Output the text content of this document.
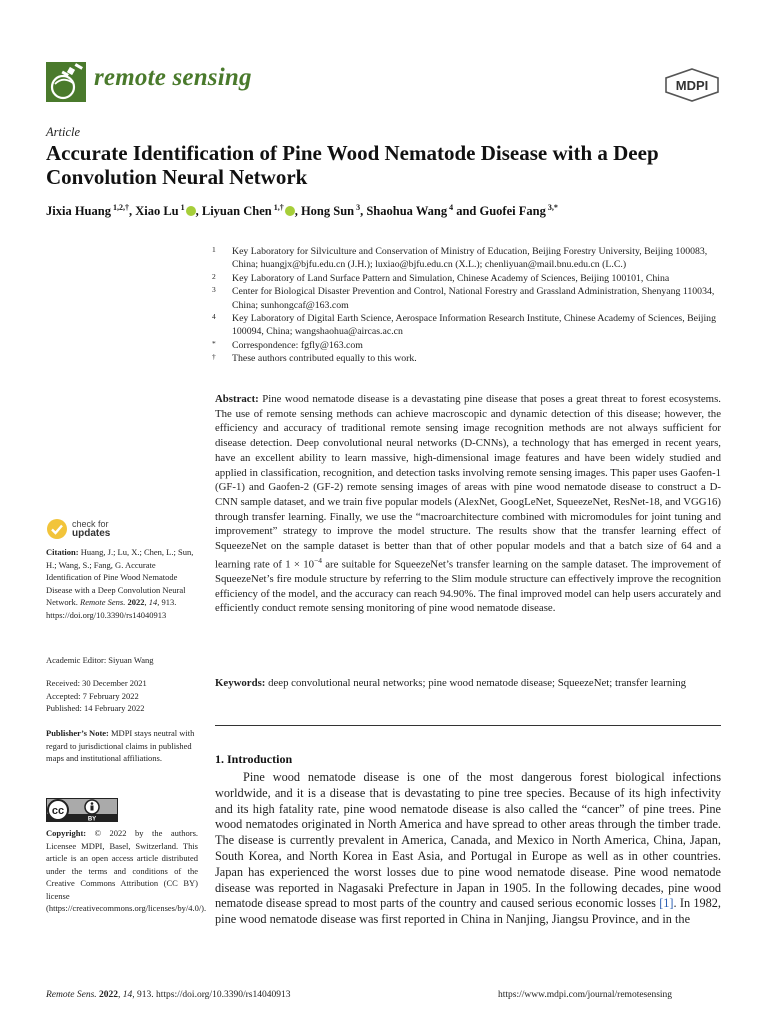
remote sensing	MDPI
Article
Accurate Identification of Pine Wood Nematode Disease with a Deep Convolution Neural Network
Jixia Huang $^{1,2,\dagger}$, Xiao Lu $^1$ , Liyuan Chen $^{1,\dagger}$ , Hong Sun $^3$, Shaohua Wang $^4$ and Guofei Fang $^{3,*}$
1 Key Laboratory for Silviculture and Conservation of Ministry of Education, Beijing Forestry University, Beijing 100083, China; huangjx@bjfu.edu.cn (J.H.); luxiao@bjfu.edu.cn (X.L.); chenliyuan@mail.bnu.edu.cn (L.C.)
2 Key Laboratory of Land Surface Pattern and Simulation, Chinese Academy of Sciences, Beijing 100101, China
3 Center for Biological Disaster Prevention and Control, National Forestry and Grassland Administration, Shenyang 110034, China; sunhongcaf@163.com
4 Key Laboratory of Digital Earth Science, Aerospace Information Research Institute, Chinese Academy of Sciences, Beijing 100094, China; wangshaohua@aircas.ac.cn
* Correspondence: fgfly@163.com
† These authors contributed equally to this work.
Abstract: Pine wood nematode disease is a devastating pine disease that poses a great threat to forest ecosystems. The use of remote sensing methods can achieve macroscopic and dynamic detection of this disease; however, the efficiency and accuracy of traditional remote sensing image recognition methods are not always sufficient for disease detection. Deep convolutional neural networks (D-CNNs), a technology that has emerged in recent years, have an excellent ability to learn massive, high-dimensional image features and have been widely studied and applied in classification, recognition, and detection tasks involving remote sensing images. This paper uses Gaofen-1 (GF-1) and Gaofen-2 (GF-2) remote sensing images of areas with pine wood nematode disease to construct a D-CNN sample dataset, and we train five popular models (AlexNet, GoogLeNet, SqueezeNet, ResNet-18, and VGG16) through transfer learning. Finally, we use the “macroarchitecture combined with micromodules for joint tuning and improvement” strategy to improve the model structure. The results show that the transfer learning effect of SqueezeNet on the sample dataset is better than that of other popular models and that a batch size of 64 and a learning rate of $1 \times 10^{-4}$ are suitable for SqueezeNet’s transfer learning on the sample dataset. The improvement of SqueezeNet’s fire module structure by referring to the Slim module structure can effectively improve the recognition efficiency of the model, and the accuracy can reach 94.90%. The final improved model can help users accurately and efficiently conduct remote sensing monitoring of pine wood nematode disease.
Keywords: deep convolutional neural networks; pine wood nematode disease; SqueezeNet; transfer learning
1. Introduction
Pine wood nematode disease is one of the most dangerous forest biological infections worldwide, and it is a disease that is devastating to pine tree species. Because of its high infectivity and its high fatality rate, pine wood nematode disease is also called the “cancer” of pine trees. Pine wood nematodes originated in North America and have spread to other areas through the timber trade. The disease is currently prevalent in America, Canada, and Mexico in North America, China, Japan, South Korea, and North Korea in East Asia, and Portugal in Europe as well as in other countries. Japan has experienced the worst losses due to pine wood nematode disease. Pine wood nematode disease was reported in Nagasaki Prefecture in Japan in 1905. In the following decades, pine wood nematode disease spread to most parts of the country and caused serious economic losses [1]. In 1982, pine wood nematode disease was first reported in China in Nanjing, Jiangsu Province, and in the
check for
updates
Citation: Huang, J.; Lu, X.; Chen, L.; Sun, H.; Wang, S.; Fang, G. Accurate Identification of Pine Wood Nematode Disease with a Deep Convolution Neural Network. Remote Sens. 2022, 14, 913. https://doi.org/10.3390/rs14040913
Academic Editor: Siyuan Wang
Received: 30 December 2021
Accepted: 7 February 2022
Published: 14 February 2022
Publisher’s Note: MDPI stays neutral with regard to jurisdictional claims in published maps and institutional affiliations.
cc
BY
Copyright: © 2022 by the authors. Licensee MDPI, Basel, Switzerland. This article is an open access article distributed under the terms and conditions of the Creative Commons Attribution (CC BY) license (https://creativecommons.org/licenses/by/4.0/).
Remote Sens. 2022, 14, 913. https://doi.org/10.3390/rs14040913	https://www.mdpi.com/journal/remotesensing
